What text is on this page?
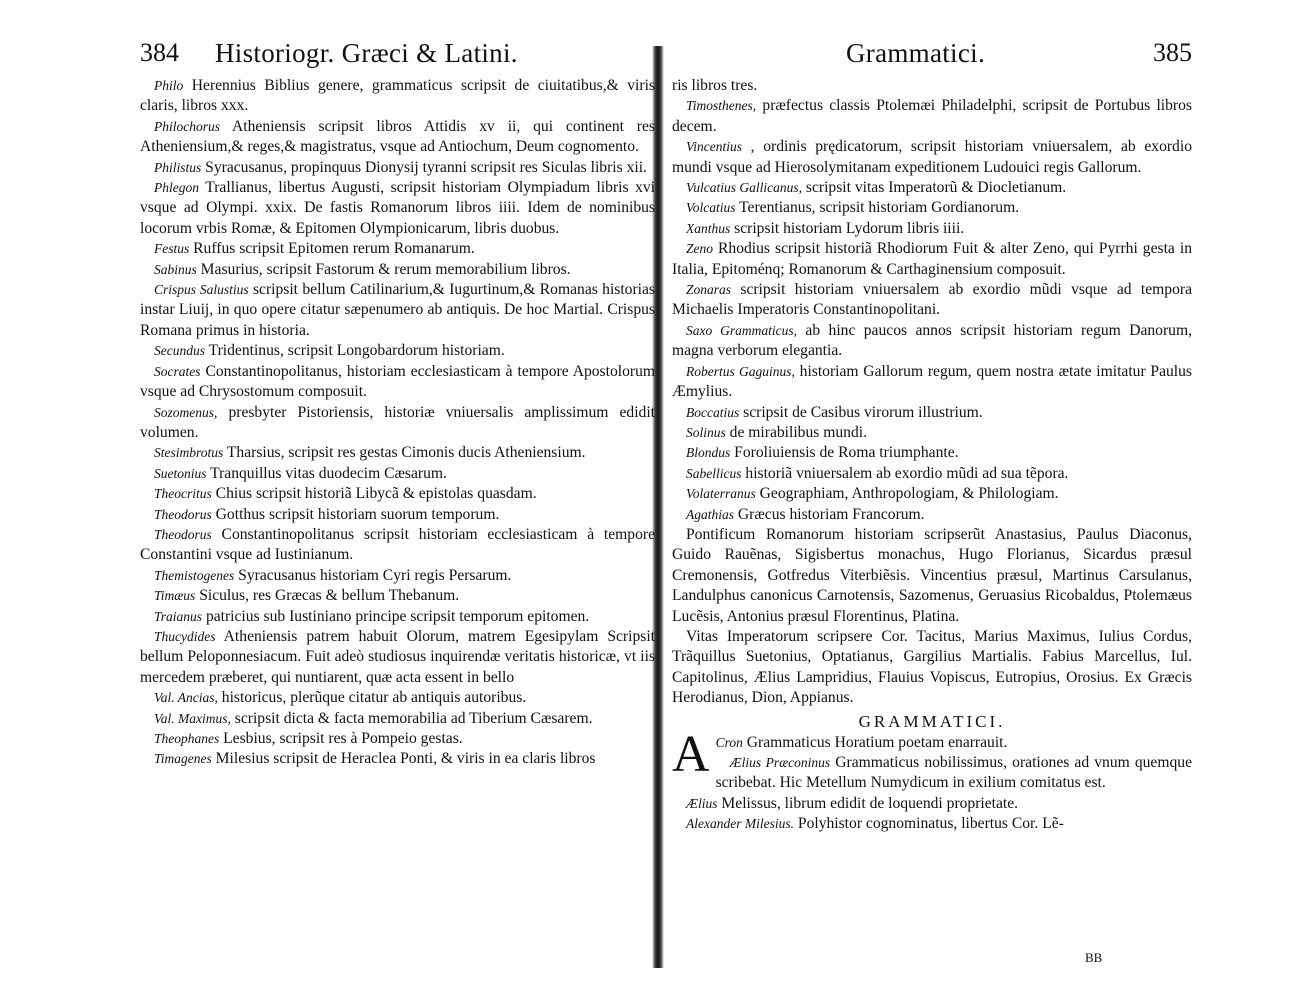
384 Historiogr. Græci & Latini.

Philo Herennius Biblius genere, grammaticus scripsit de ciuitatibus,& viris claris, libros xxx.

Philochorus Atheniensis scripsit libros Attidis xv ii, qui continent res Atheniensium,& reges,& magistratus, vsque ad Antiochum, Deum cognomento.

Philistus Syracusanus, propinquus Dionysij tyranni scripsit res Siculas libris xii.

Phlegon Trallianus, libertus Augusti, scripsit historiam Olympiadum libris xvi vsque ad Olympi. xxix. De fastis Romanorum libros iiii. Idem de nominibus locorum vrbis Romæ, & Epitomen Olympionicarum, libris duobus.

Festus Ruffus scripsit Epitomen rerum Romanarum.

Sabinus Masurius, scripsit Fastorum & rerum memorabilium libros.

Crispus Salustius scripsit bellum Catilinarium,& Iugurtinum,& Romanas historias instar Liuij, in quo opere citatur sæpenumero ab antiquis. De hoc Martial. Crispus Romana primus in historia.

Secundus Tridentinus, scripsit Longobardorum historiam.

Socrates Constantinopolitanus, historiam ecclesiasticam à tempore Apostolorum vsque ad Chrysostomum composuit.

Sozomenus, presbyter Pistoriensis, historiæ vniuersalis amplissimum edidit volumen.

Stesimbrotus Tharsius, scripsit res gestas Cimonis ducis Atheniensium.

Suetonius Tranquillus vitas duodecim Cæsarum.

Theocritus Chius scripsit historiã Libycã & epistolas quasdam.

Theodorus Gotthus scripsit historiam suorum temporum.

Theodorus Constantinopolitanus scripsit historiam ecclesiasticam à tempore Constantini vsque ad Iustinianum.

Themistogenes Syracusanus historiam Cyri regis Persarum.

Timæus Siculus, res Græcas & bellum Thebanum.

Traianus patricius sub Iustiniano principe scripsit temporum epitomen.

Thucydides Atheniensis patrem habuit Olorum, matrem Egesipylam Scripsit bellum Peloponnesiacum. Fuit adeò studiosus inquirendæ veritatis historicæ, vt iis mercedem præberet, qui nuntiarent, quæ acta essent in bello

Val. Ancias, historicus, plerũque citatur ab antiquis autoribus.

Val. Maximus, scripsit dicta & facta memorabilia ad Tiberium Cæsarem.

Theophanes Lesbius, scripsit res à Pompeio gestas.

Timagenes Milesius scripsit de Heraclea Ponti, & viris in ea claris libros

Grammatici.	385

ris libros tres.

Timosthenes, præfectus classis Ptolemæi Philadelphi, scripsit de Portubus libros decem.

Vincentius , ordinis prędicatorum, scripsit historiam vniuersalem, ab exordio mundi vsque ad Hierosolymitanam expeditionem Ludouici regis Gallorum.

Vulcatius Gallicanus, scripsit vitas Imperatorũ & Diocletianum.

Volcatius Terentianus, scripsit historiam Gordianorum.

Xanthus scripsit historiam Lydorum libris iiii.

Zeno Rhodius scripsit historiã Rhodiorum Fuit & alter Zeno, qui Pyrrhi gesta in Italia, Epitoménq; Romanorum & Carthaginensium composuit.

Zonaras scripsit historiam vniuersalem ab exordio mũdi vsque ad tempora Michaelis Imperatoris Constantinopolitani.

Saxo Grammaticus, ab hinc paucos annos scripsit historiam regum Danorum, magna verborum elegantia.

Robertus Gaguinus, historiam Gallorum regum, quem nostra ætate imitatur Paulus Æmylius.

Boccatius scripsit de Casibus virorum illustrium.

Solinus de mirabilibus mundi.

Blondus Foroliuiensis de Roma triumphante.

Sabellicus historiã vniuersalem ab exordio mũdi ad sua tẽpora.

Volaterranus Geographiam, Anthropologiam, & Philologiam.

Agathias Græcus historiam Francorum.

Pontificum Romanorum historiam scripserũt Anastasius, Paulus Diaconus, Guido Rauẽnas, Sigisbertus monachus, Hugo Florianus, Sicardus præsul Cremonensis, Gotfredus Viterbiẽsis. Vincentius præsul, Martinus Carsulanus, Landulphus canonicus Carnotensis, Sazomenus, Geruasius Ricobaldus, Ptolemæus Lucẽsis, Antonius præsul Florentinus, Platina.

Vitas Imperatorum scripsere Cor. Tacitus, Marius Maximus, Iulius Cordus, Trãquillus Suetonius, Optatianus, Gargilius Martialis. Fabius Marcellus, Iul. Capitolinus, Ælius Lampridius, Flauius Vopiscus, Eutropius, Orosius. Ex Græcis Herodianus, Dion, Appianus.

GRAMMATICI.

A Cron Grammaticus Horatium poetam enarrauit.

Ælius Præconinus Grammaticus nobilissimus, orationes ad vnum quemque scribebat. Hic Metellum Numydicum in exilium comitatus est.

Ælius Melissus, librum edidit de loquendi proprietate.

Alexander Milesius. Polyhistor cognominatus, libertus Cor. Lẽ-

BB
